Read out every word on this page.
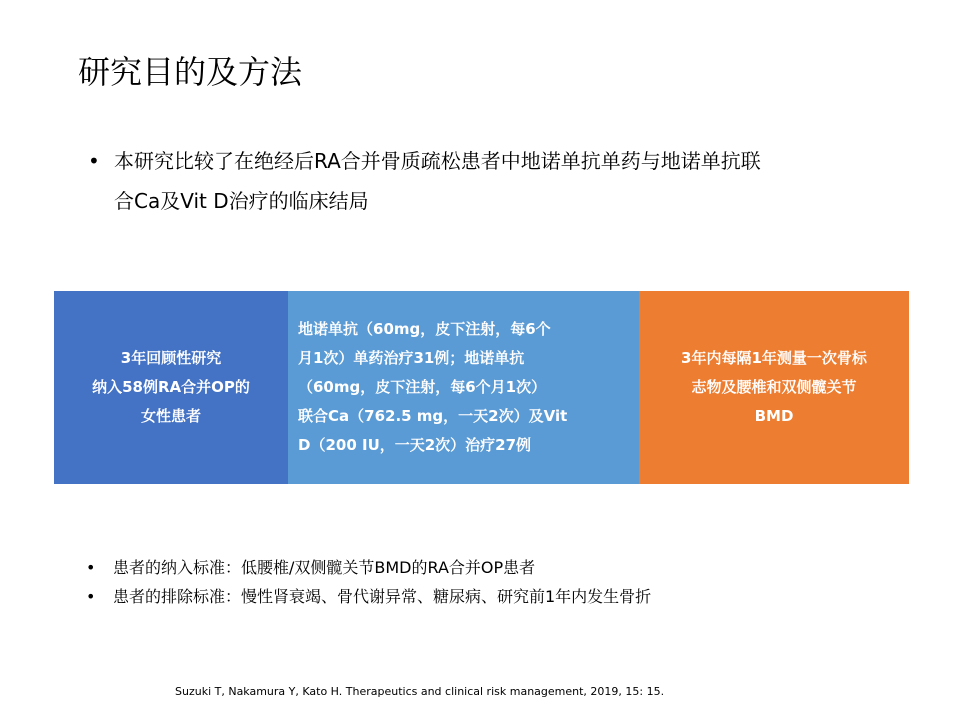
研究目的及方法
• 本研究比较了在绝经后RA合并骨质疏松患者中地诺单抗单药与地诺单抗联
合Ca及Vit D治疗的临床结局
3年回顾性研究
纳入58例RA合并OP的
女性患者
地诺单抗（60mg，皮下注射，每6个
月1次）单药治疗31例；地诺单抗
（60mg，皮下注射，每6个月1次）
联合Ca（762.5 mg，一天2次）及Vit
D（200 IU，一天2次）治疗27例
3年内每隔1年测量一次骨标
志物及腰椎和双侧髋关节
BMD
• 患者的纳入标准：低腰椎/双侧髋关节BMD的RA合并OP患者
• 患者的排除标准：慢性肾衰竭、骨代谢异常、糖尿病、研究前1年内发生骨折
Suzuki T, Nakamura Y, Kato H. Therapeutics and clinical risk management, 2019, 15: 15.
